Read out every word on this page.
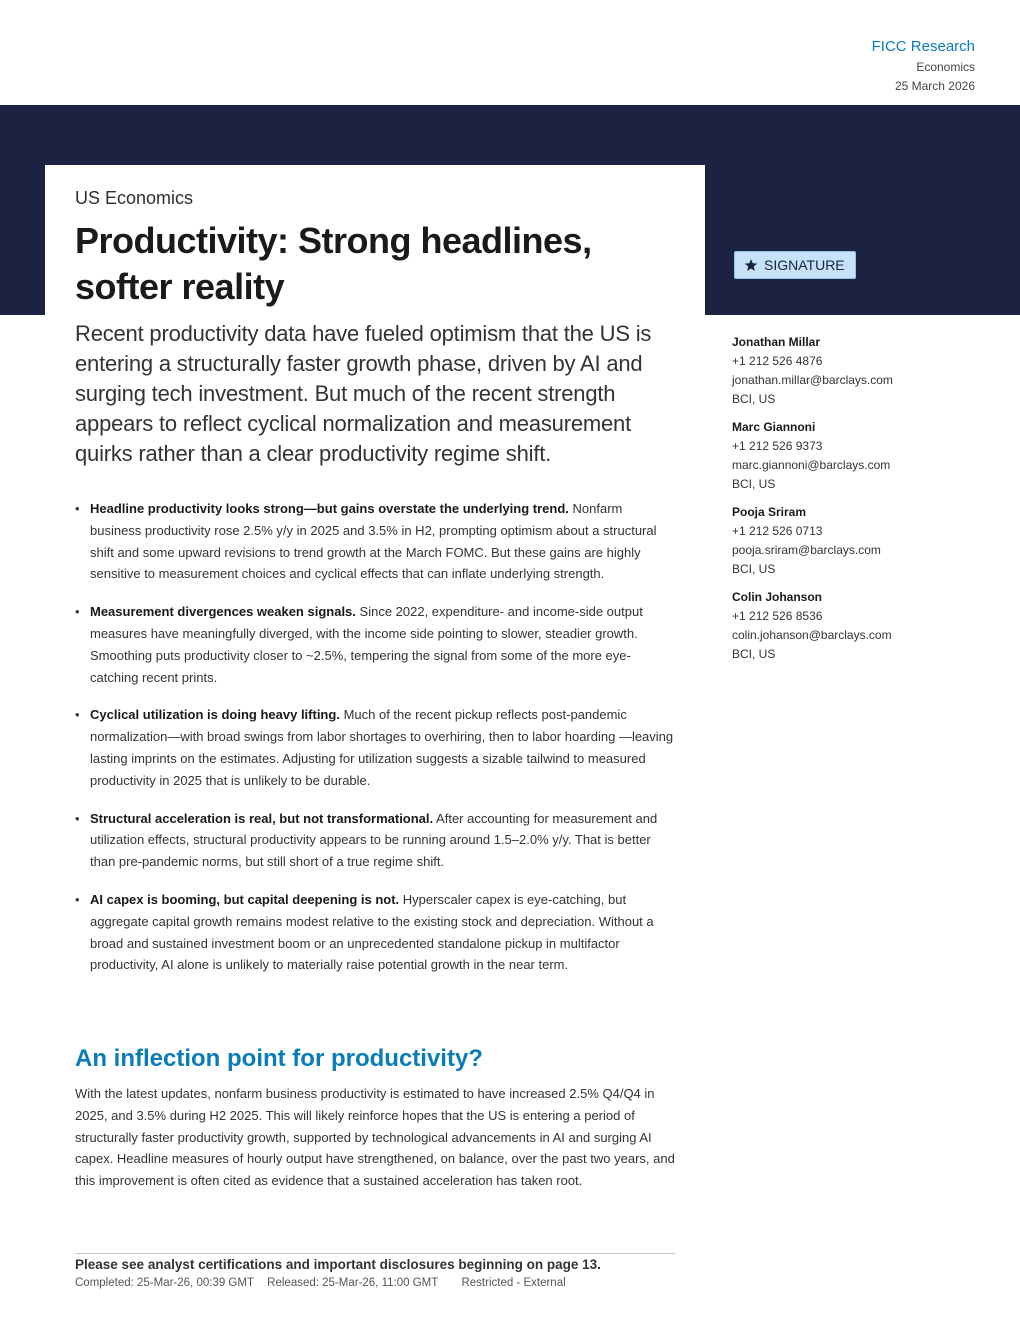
FICC Research
Economics
25 March 2026
US Economics
Productivity: Strong headlines, softer reality
SIGNATURE

Recent productivity data have fueled optimism that the US is entering a structurally faster growth phase, driven by AI and surging tech investment. But much of the recent strength appears to reflect cyclical normalization and measurement quirks rather than a clear productivity regime shift.

• Headline productivity looks strong—but gains overstate the underlying trend. Nonfarm business productivity rose 2.5% y/y in 2025 and 3.5% in H2, prompting optimism about a structural shift and some upward revisions to trend growth at the March FOMC. But these gains are highly sensitive to measurement choices and cyclical effects that can inflate underlying strength.
• Measurement divergences weaken signals. Since 2022, expenditure- and income-side output measures have meaningfully diverged, with the income side pointing to slower, steadier growth. Smoothing puts productivity closer to ~2.5%, tempering the signal from some of the more eye-catching recent prints.
• Cyclical utilization is doing heavy lifting. Much of the recent pickup reflects post-pandemic normalization—with broad swings from labor shortages to overhiring, then to labor hoarding —leaving lasting imprints on the estimates. Adjusting for utilization suggests a sizable tailwind to measured productivity in 2025 that is unlikely to be durable.
• Structural acceleration is real, but not transformational. After accounting for measurement and utilization effects, structural productivity appears to be running around 1.5–2.0% y/y. That is better than pre-pandemic norms, but still short of a true regime shift.
• AI capex is booming, but capital deepening is not. Hyperscaler capex is eye-catching, but aggregate capital growth remains modest relative to the existing stock and depreciation. Without a broad and sustained investment boom or an unprecedented standalone pickup in multifactor productivity, AI alone is unlikely to materially raise potential growth in the near term.
An inflection point for productivity?

With the latest updates, nonfarm business productivity is estimated to have increased 2.5% Q4/Q4 in 2025, and 3.5% during H2 2025. This will likely reinforce hopes that the US is entering a period of structurally faster productivity growth, supported by technological advancements in AI and surging AI capex. Headline measures of hourly output have strengthened, on balance, over the past two years, and this improvement is often cited as evidence that a sustained acceleration has taken root.

Please see analyst certifications and important disclosures beginning on page 13.
Completed: 25-Mar-26, 00:39 GMT Released: 25-Mar-26, 11:00 GMT Restricted - External
Jonathan Millar
+1 212 526 4876
jonathan.millar@barclays.com
BCI, US
Marc Giannoni
+1 212 526 9373
marc.giannoni@barclays.com
BCI, US
Pooja Sriram
+1 212 526 0713
pooja.sriram@barclays.com
BCI, US
Colin Johanson
+1 212 526 8536
colin.johanson@barclays.com
BCI, US
